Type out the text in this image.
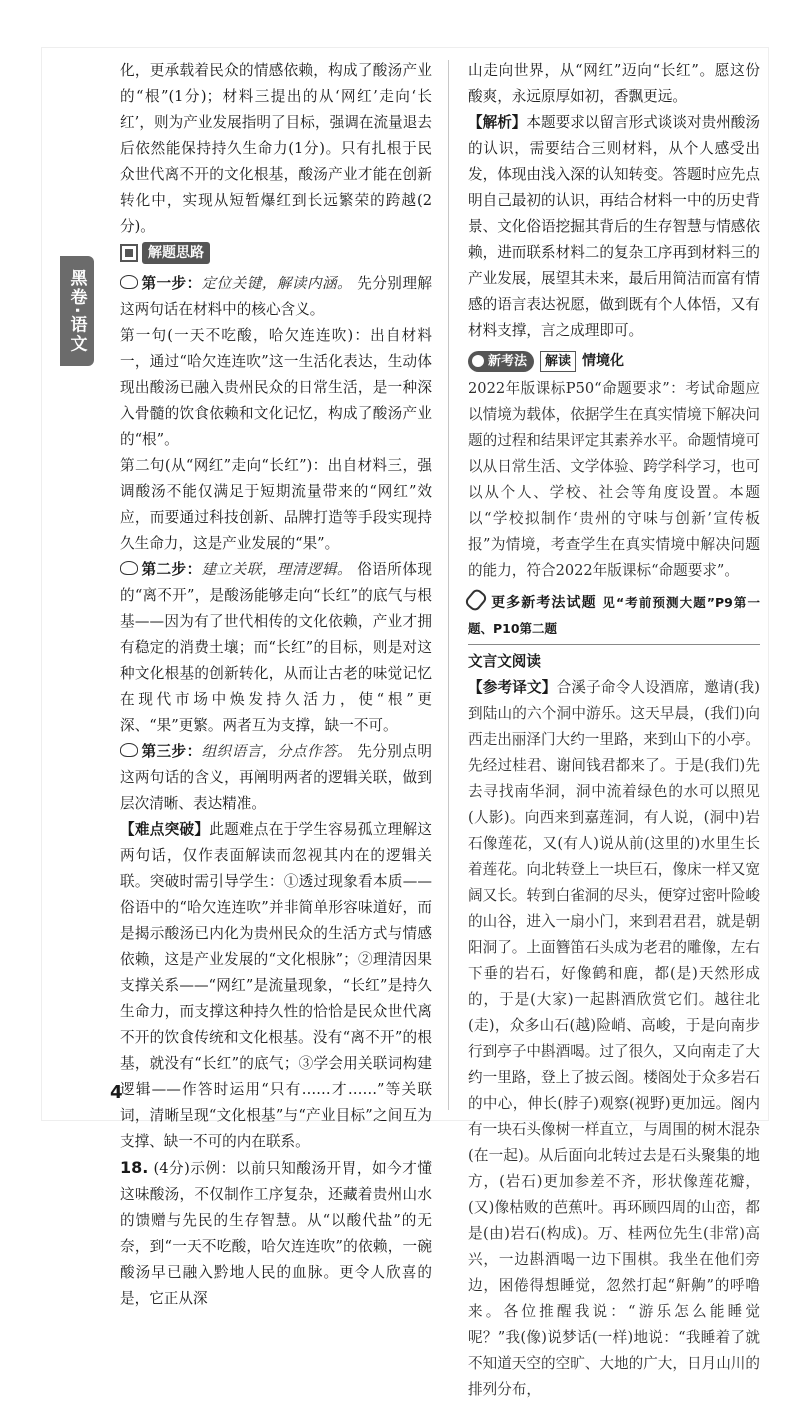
黑卷·语文

化，更承载着民众的情感依赖，构成了酸汤产业的“根”(1分)；材料三提出的从‘网红’走向‘长红’，则为产业发展指明了目标，强调在流量退去后依然能保持持久生命力(1分)。只有扎根于民众世代离不开的文化根基，酸汤产业才能在创新转化中，实现从短暂爆红到长远繁荣的跨越(2分)。

解题思路

第一步：定位关键，解读内涵。 先分别理解这两句话在材料中的核心含义。

第一句(一天不吃酸，哈欠连连吹)：出自材料一，通过“哈欠连连吹”这一生活化表达，生动体现出酸汤已融入贵州民众的日常生活，是一种深入骨髓的饮食依赖和文化记忆，构成了酸汤产业的“根”。

第二句(从“网红”走向“长红”)：出自材料三，强调酸汤不能仅满足于短期流量带来的“网红”效应，而要通过科技创新、品牌打造等手段实现持久生命力，这是产业发展的“果”。

第二步：建立关联，理清逻辑。 俗语所体现的“离不开”，是酸汤能够走向“长红”的底气与根基——因为有了世代相传的文化依赖，产业才拥有稳定的消费土壤；而“长红”的目标，则是对这种文化根基的创新转化，从而让古老的味觉记忆在现代市场中焕发持久活力，使“根”更深、“果”更繁。两者互为支撑，缺一不可。

第三步：组织语言，分点作答。 先分别点明这两句话的含义，再阐明两者的逻辑关联，做到层次清晰、表达精准。

【难点突破】此题难点在于学生容易孤立理解这两句话，仅作表面解读而忽视其内在的逻辑关联。突破时需引导学生：①透过现象看本质——俗语中的“哈欠连连吹”并非简单形容味道好，而是揭示酸汤已内化为贵州民众的生活方式与情感依赖，这是产业发展的“文化根脉”；②理清因果支撑关系——“网红”是流量现象，“长红”是持久生命力，而支撑这种持久性的恰恰是民众世代离不开的饮食传统和文化根基。没有“离不开”的根基，就没有“长红”的底气；③学会用关联词构建逻辑——作答时运用“只有……才……”等关联词，清晰呈现“文化根基”与“产业目标”之间互为支撑、缺一不可的内在联系。

18. (4分)示例：以前只知酸汤开胃，如今才懂这味酸汤，不仅制作工序复杂，还藏着贵州山水的馈赠与先民的生存智慧。从“以酸代盐”的无奈，到“一天不吃酸，哈欠连连吹”的依赖，一碗酸汤早已融入黔地人民的血脉。更令人欣喜的是，它正从深

山走向世界，从“网红”迈向“长红”。愿这份酸爽，永远原厚如初，香飘更远。

【解析】本题要求以留言形式谈谈对贵州酸汤的认识，需要结合三则材料，从个人感受出发，体现由浅入深的认知转变。答题时应先点明自己最初的认识，再结合材料一中的历史背景、文化俗语挖掘其背后的生存智慧与情感依赖，进而联系材料二的复杂工序再到材料三的产业发展，展望其未来，最后用简洁而富有情感的语言表达祝愿，做到既有个人体悟，又有材料支撑，言之成理即可。

新考法	解读 情境化

2022年版课标P50“命题要求”：考试命题应以情境为载体，依据学生在真实情境下解决问题的过程和结果评定其素养水平。命题情境可以从日常生活、文学体验、跨学科学习，也可以从个人、学校、社会等角度设置。本题以“学校拟制作‘贵州的守味与创新’宣传板报”为情境，考查学生在真实情境中解决问题的能力，符合2022年版课标“命题要求”。

更多新考法试题 见“考前预测大题”P9第一题、P10第二题

文言文阅读

【参考译文】合溪子命令人设酒席，邀请(我)到陆山的六个洞中游乐。这天早晨，(我们)向西走出丽泽门大约一里路，来到山下的小亭。先经过桂君、谢间钱君都来了。于是(我们)先去寻找南华洞，洞中流着绿色的水可以照见(人影)。向西来到嘉莲洞，有人说，(洞中)岩石像莲花，又(有人)说从前(这里的)水里生长着莲花。向北转登上一块巨石，像床一样又宽阔又长。转到白雀洞的尽头，便穿过密叶险峻的山谷，进入一扇小门，来到君君君，就是朝阳洞了。上面簪笛石头成为老君的雕像，左右下垂的岩石，好像鹤和鹿，都(是)天然形成的，于是(大家)一起斟酒欣赏它们。越往北(走)，众多山石(越)险峭、高峻，于是向南步行到亭子中斟酒喝。过了很久，又向南走了大约一里路，登上了披云阁。楼阁处于众多岩石的中心，伸长(脖子)观察(视野)更加远。阁内有一块石头像树一样直立，与周围的树木混杂(在一起)。从后面向北转过去是石头聚集的地方，(岩石)更加参差不齐，形状像莲花瓣，(又)像枯败的芭蕉叶。再环顾四周的山峦，都是(由)岩石(构成)。万、桂两位先生(非常)高兴，一边斟酒喝一边下围棋。我坐在他们旁边，困倦得想睡觉，忽然打起“鼾齁”的呼噜来。各位推醒我说：“游乐怎么能睡觉呢？”我(像)说梦话(一样)地说：“我睡着了就不知道天空的空旷、大地的广大，日月山川的排列分布，

4
